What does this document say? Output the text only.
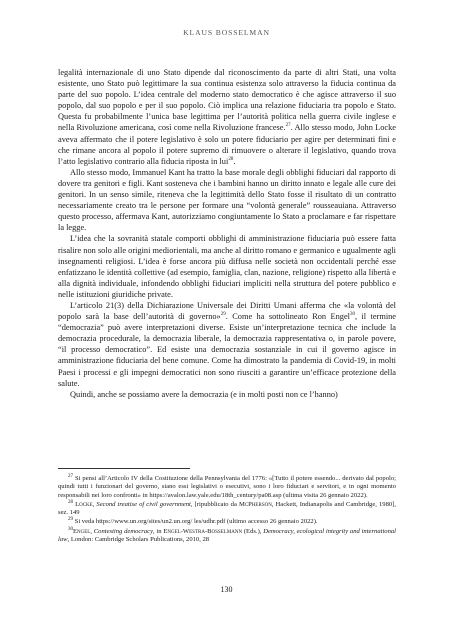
KLAUS BOSSELMAN

legalità internazionale di uno Stato dipende dal riconoscimento da parte di altri Stati, una volta esistente, uno Stato può legittimare la sua continua esistenza solo attraverso la fiducia continua da parte del suo popolo. L’idea centrale del moderno stato democratico è che agisce attraverso il suo popolo, dal suo popolo e per il suo popolo. Ciò implica una relazione fiduciaria tra popolo e Stato. Questa fu probabilmente l’unica base legittima per l’autorità politica nella guerra civile inglese e nella Rivoluzione americana, così come nella Rivoluzione francese.$^{27}$. Allo stesso modo, John Locke aveva affermato che il potere legislativo è solo un potere fiduciario per agire per determinati fini e che rimane ancora al popolo il potere supremo di rimuovere o alterare il legislativo, quando trova l’atto legislativo contrario alla fiducia riposta in lui$^{28}$.

Allo stesso modo, Immanuel Kant ha tratto la base morale degli obblighi fiduciari dal rapporto di dovere tra genitori e figli. Kant sosteneva che i bambini hanno un diritto innato e legale alle cure dei genitori. In un senso simile, riteneva che la legittimità dello Stato fosse il risultato di un contratto necessariamente creato tra le persone per formare una “volontà generale” rousseauiana. Attraverso questo processo, affermava Kant, autorizziamo congiuntamente lo Stato a proclamare e far rispettare la legge.

L’idea che la sovranità statale comporti obblighi di amministrazione fiduciaria può essere fatta risalire non solo alle origini mediorientali, ma anche al diritto romano e germanico e ugualmente agli insegnamenti religiosi. L’idea è forse ancora più diffusa nelle società non occidentali perché esse enfatizzano le identità collettive (ad esempio, famiglia, clan, nazione, religione) rispetto alla libertà e alla dignità individuale, infondendo obblighi fiduciari impliciti nella struttura del potere pubblico e nelle istituzioni giuridiche private.

L’articolo 21(3) della Dichiarazione Universale dei Diritti Umani afferma che «la volontà del popolo sarà la base dell’autorità di governo»$^{29}$. Come ha sottolineato Ron Engel$^{30}$, il termine “democrazia” può avere interpretazioni diverse. Esiste un’interpretazione tecnica che include la democrazia procedurale, la democrazia liberale, la democrazia rappresentativa o, in parole povere, “il processo democratico”. Ed esiste una democrazia sostanziale in cui il governo agisce in amministrazione fiduciaria del bene comune. Come ha dimostrato la pandemia di Covid-19, in molti Paesi i processi e gli impegni democratici non sono riusciti a garantire un’efficace protezione della salute.

Quindi, anche se possiamo avere la democrazia (e in molti posti non ce l’hanno)

$^{27}$ Si pensi all’Articolo IV della Costituzione della Pennsylvania del 1776: «[Tutto il potere essendo... derivato dal popolo; quindi tutti i funzionari del governo, siano essi legislativi o esecutivi, sono i loro fiduciari e servitori, e in ogni momento responsabili nei loro confronti» in https://avalon.law.yale.edu/18th_century/pa08.asp (ultima visita 26 gennaio 2022).

$^{28}$ Locke, Second treatise of civil government, [ripubblicato da McPherson, Hackett, Indianapolis and Cambridge, 1980], sez. 149

$^{29}$ Si veda https://www.un.org/sites/un2.un.org/ les/udhr.pdf (ultimo accesso 26 gennaio 2022).

$^{30}$Engel, Contesting democracy, in Engel-Westra-Bosselmann (Eds.), Democracy, ecological integrity and international law, London: Cambridge Scholars Publications, 2010, 28

130
